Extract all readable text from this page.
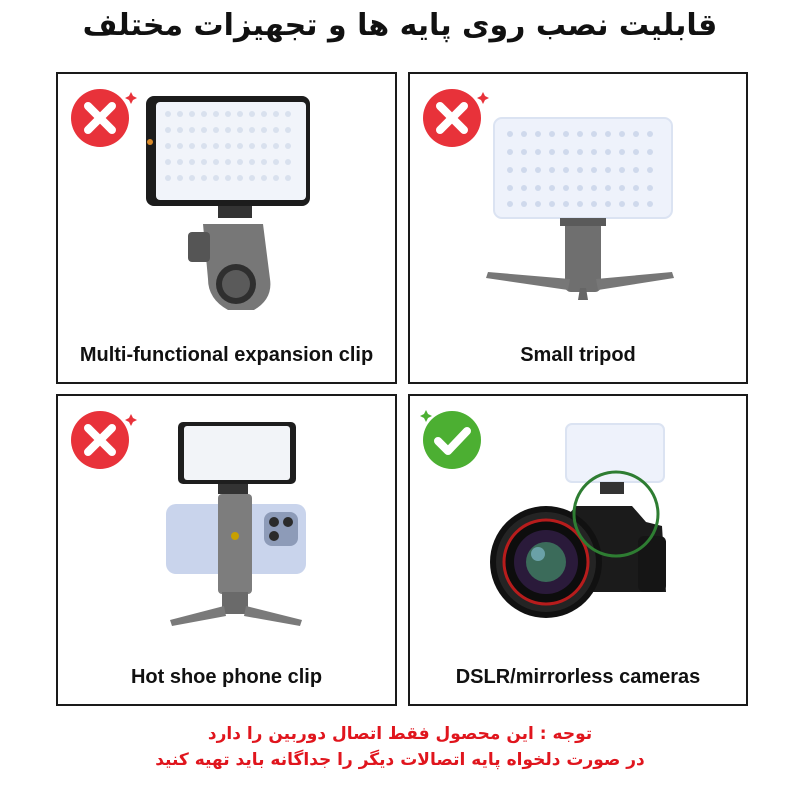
قابلیت نصب روی پایه ها و تجهیزات مختلف
Multi-functional expansion clip	Small tripod
Hot shoe phone clip	DSLR/mirrorless cameras
توجه : این محصول فقط اتصال دوربین را دارد
در صورت دلخواه پایه اتصالات دیگر را جداگانه باید تهیه کنید
